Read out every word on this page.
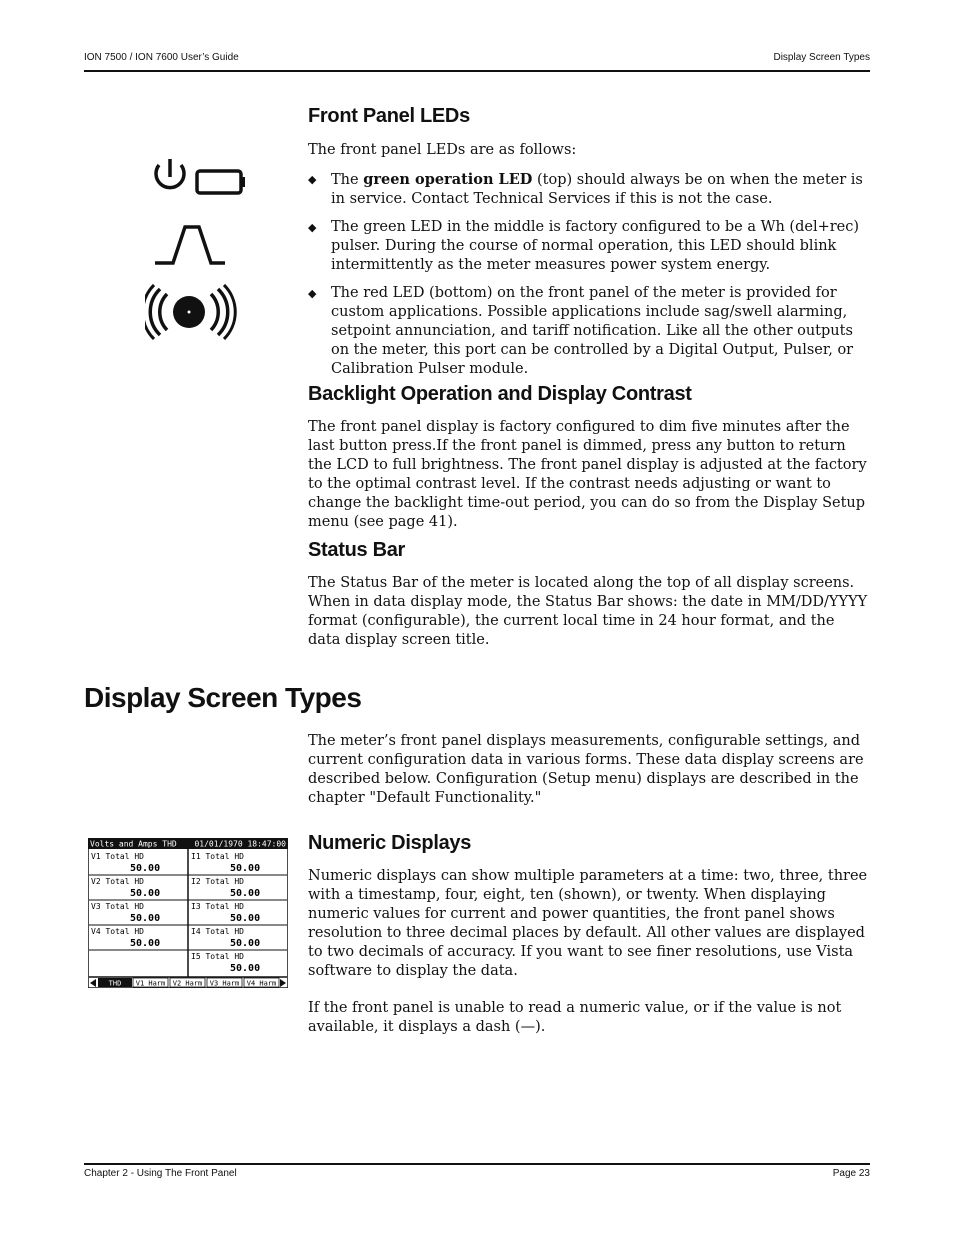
ION 7500 / ION 7600 User’s Guide	Display Screen Types
Front Panel LEDs

The front panel LEDs are as follows:

◆ The green operation LED (top) should always be on when the meter is in service. Contact Technical Services if this is not the case.
◆ The green LED in the middle is factory configured to be a Wh (del+rec) pulser. During the course of normal operation, this LED should blink intermittently as the meter measures power system energy.
◆ The red LED (bottom) on the front panel of the meter is provided for custom applications. Possible applications include sag/swell alarming, setpoint annunciation, and tariff notification. Like all the other outputs on the meter, this port can be controlled by a Digital Output, Pulser, or Calibration Pulser module.
Backlight Operation and Display Contrast

The front panel display is factory configured to dim five minutes after the last button press.If the front panel is dimmed, press any button to return the LCD to full brightness. The front panel display is adjusted at the factory to the optimal contrast level. If the contrast needs adjusting or want to change the backlight time-out period, you can do so from the Display Setup menu (see page 41).

Status Bar

The Status Bar of the meter is located along the top of all display screens. When in data display mode, the Status Bar shows: the date in MM/DD/YYYY format (configurable), the current local time in 24 hour format, and the data display screen title.

Display Screen Types

The meter’s front panel displays measurements, configurable settings, and current configuration data in various forms. These data display screens are described below. Configuration (Setup menu) displays are described in the chapter "Default Functionality."

Numeric Displays

Numeric displays can show multiple parameters at a time: two, three, three with a timestamp, four, eight, ten (shown), or twenty. When displaying numeric values for current and power quantities, the front panel shows resolution to three decimal places by default. All other values are displayed to two decimals of accuracy. If you want to see finer resolutions, use Vista software to display the data.

If the front panel is unable to read a numeric value, or if the value is not available, it displays a dash (—).

Volts and Amps THD 01/01/1970 18:47:00
V1 Total HD
50.00
V2 Total HD
50.00
V3 Total HD
50.00
V4 Total HD
50.00
I1 Total HD
50.00
I2 Total HD
50.00
I3 Total HD
50.00
I4 Total HD
50.00
I5 Total HD
50.00
THD V1 Harm V2 Harm V3 Harm V4 Harm
Chapter 2 - Using The Front Panel	Page 23
